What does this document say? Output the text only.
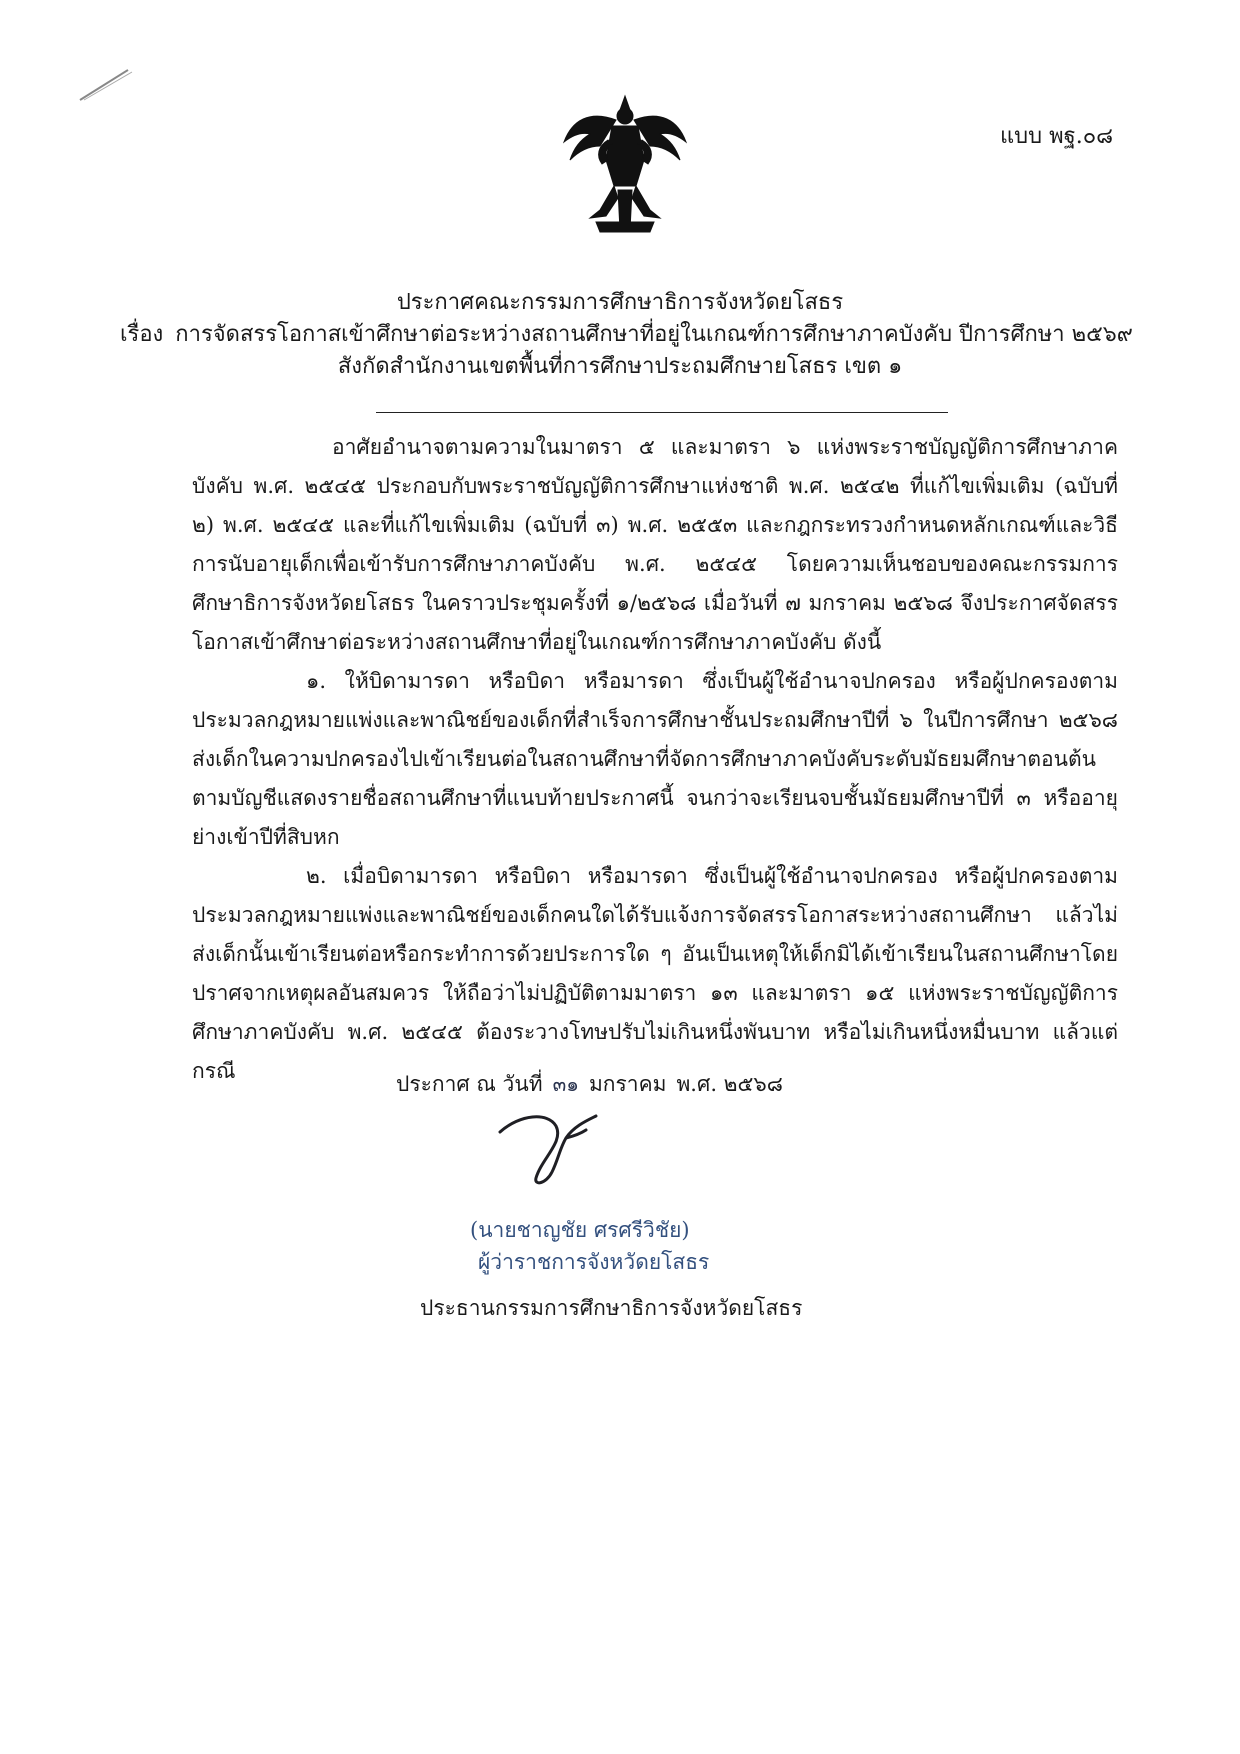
แบบ พฐ.๐๘
ประกาศคณะกรรมการศึกษาธิการจังหวัดยโสธร
เรื่อง การจัดสรรโอกาสเข้าศึกษาต่อระหว่างสถานศึกษาที่อยู่ในเกณฑ์การศึกษาภาคบังคับ ปีการศึกษา ๒๕๖๙
สังกัดสำนักงานเขตพื้นที่การศึกษาประถมศึกษายโสธร เขต ๑

อาศัยอำนาจตามความในมาตรา ๕ และมาตรา ๖ แห่งพระราชบัญญัติการศึกษาภาคบังคับ พ.ศ. ๒๕๔๕ ประกอบกับพระราชบัญญัติการศึกษาแห่งชาติ พ.ศ. ๒๕๔๒ ที่แก้ไขเพิ่มเติม (ฉบับที่ ๒) พ.ศ. ๒๕๔๕ และที่แก้ไขเพิ่มเติม (ฉบับที่ ๓) พ.ศ. ๒๕๕๓ และกฎกระทรวงกำหนดหลักเกณฑ์และวิธีการนับอายุเด็กเพื่อเข้ารับการศึกษาภาคบังคับ พ.ศ. ๒๕๔๕ โดยความเห็นชอบของคณะกรรมการศึกษาธิการจังหวัดยโสธร ในคราวประชุมครั้งที่ ๑/๒๕๖๘ เมื่อวันที่ ๗ มกราคม ๒๕๖๘ จึงประกาศจัดสรรโอกาสเข้าศึกษาต่อระหว่างสถานศึกษาที่อยู่ในเกณฑ์การศึกษาภาคบังคับ ดังนี้

๑. ให้บิดามารดา หรือบิดา หรือมารดา ซึ่งเป็นผู้ใช้อำนาจปกครอง หรือผู้ปกครองตามประมวลกฎหมายแพ่งและพาณิชย์ของเด็กที่สำเร็จการศึกษาชั้นประถมศึกษาปีที่ ๖ ในปีการศึกษา ๒๕๖๘ ส่งเด็กในความปกครองไปเข้าเรียนต่อในสถานศึกษาที่จัดการศึกษาภาคบังคับระดับมัธยมศึกษาตอนต้นตามบัญชีแสดงรายชื่อสถานศึกษาที่แนบท้ายประกาศนี้ จนกว่าจะเรียนจบชั้นมัธยมศึกษาปีที่ ๓ หรืออายุย่างเข้าปีที่สิบหก

๒. เมื่อบิดามารดา หรือบิดา หรือมารดา ซึ่งเป็นผู้ใช้อำนาจปกครอง หรือผู้ปกครองตามประมวลกฎหมายแพ่งและพาณิชย์ของเด็กคนใดได้รับแจ้งการจัดสรรโอกาสระหว่างสถานศึกษา แล้วไม่ส่งเด็กนั้นเข้าเรียนต่อหรือกระทำการด้วยประการใด ๆ อันเป็นเหตุให้เด็กมิได้เข้าเรียนในสถานศึกษาโดยปราศจากเหตุผลอันสมควร ให้ถือว่าไม่ปฏิบัติตามมาตรา ๑๓ และมาตรา ๑๕ แห่งพระราชบัญญัติการศึกษาภาคบังคับ พ.ศ. ๒๕๔๕ ต้องระวางโทษปรับไม่เกินหนึ่งพันบาท หรือไม่เกินหนึ่งหมื่นบาท แล้วแต่กรณี

ประกาศ ณ วันที่ ๓๑ มกราคม พ.ศ. ๒๕๖๘
(นายชาญชัย ศรศรีวิชัย)
ผู้ว่าราชการจังหวัดยโสธร
ประธานกรรมการศึกษาธิการจังหวัดยโสธร
